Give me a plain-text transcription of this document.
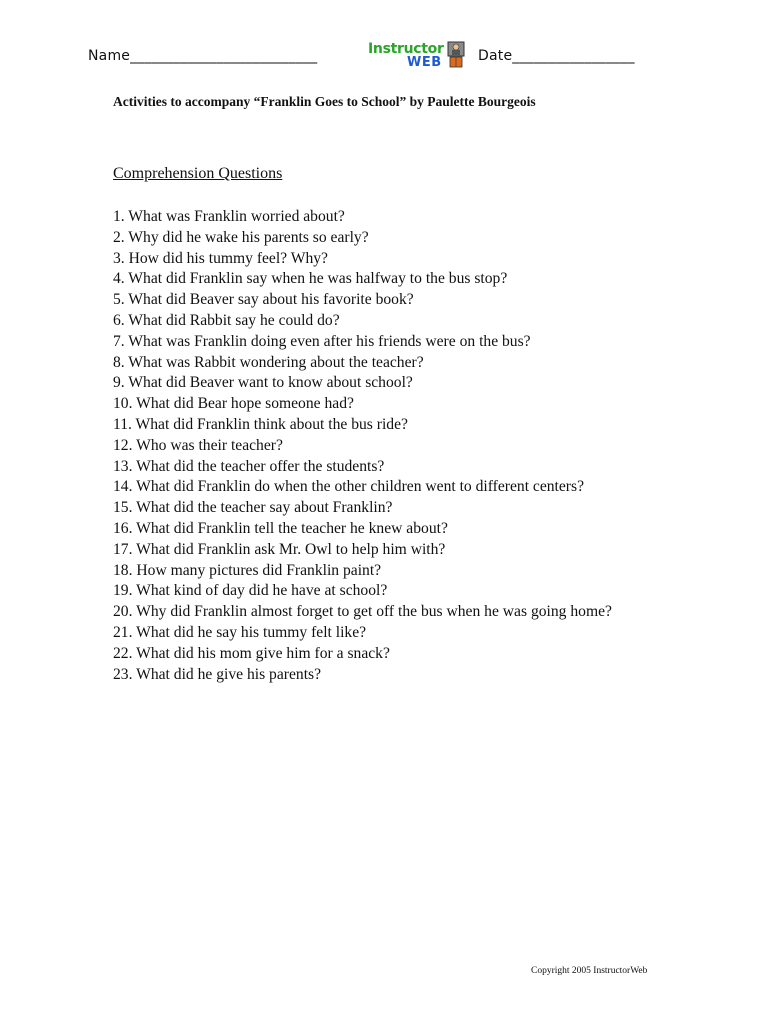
Name__________________________	Instructor
WEB	Date_________________
Activities to accompany “Franklin Goes to School” by Paulette Bourgeois
Comprehension Questions
1. What was Franklin worried about?
2. Why did he wake his parents so early?
3. How did his tummy feel? Why?
4. What did Franklin say when he was halfway to the bus stop?
5. What did Beaver say about his favorite book?
6. What did Rabbit say he could do?
7. What was Franklin doing even after his friends were on the bus?
8. What was Rabbit wondering about the teacher?
9. What did Beaver want to know about school?
10. What did Bear hope someone had?
11. What did Franklin think about the bus ride?
12. Who was their teacher?
13. What did the teacher offer the students?
14. What did Franklin do when the other children went to different centers?
15. What did the teacher say about Franklin?
16. What did Franklin tell the teacher he knew about?
17. What did Franklin ask Mr. Owl to help him with?
18. How many pictures did Franklin paint?
19. What kind of day did he have at school?
20. Why did Franklin almost forget to get off the bus when he was going home?
21. What did he say his tummy felt like?
22. What did his mom give him for a snack?
23. What did he give his parents?
Copyright 2005 InstructorWeb
